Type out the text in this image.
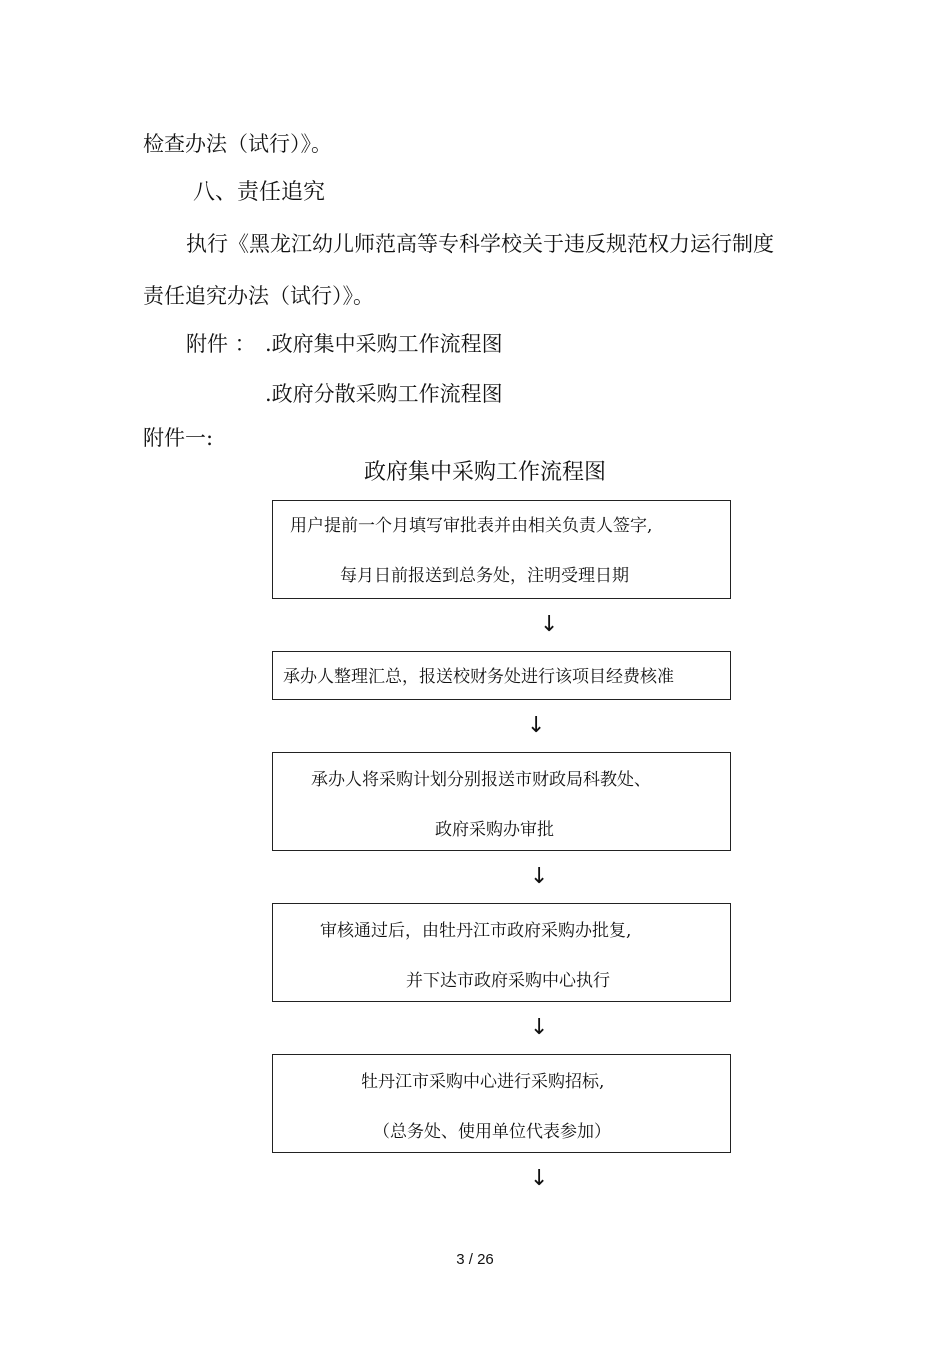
检查办法（试行）》。
八、责任追究
执行《黑龙江幼儿师范高等专科学校关于违反规范权力运行制度
责任追究办法（试行）》。
附件 ： .政府集中采购工作流程图
.政府分散采购工作流程图
附件一:
政府集中采购工作流程图
用户提前一个月填写审批表并由相关负责人签字,
每月日前报送到总务处，注明受理日期
↓
承办人整理汇总，报送校财务处进行该项目经费核准
↓
承办人将采购计划分别报送市财政局科教处、
政府采购办审批
↓
审核通过后，由牡丹江市政府采购办批复,
并下达市政府采购中心执行
↓
牡丹江市采购中心进行采购招标,
（总务处、使用单位代表参加）
↓
3 / 26
